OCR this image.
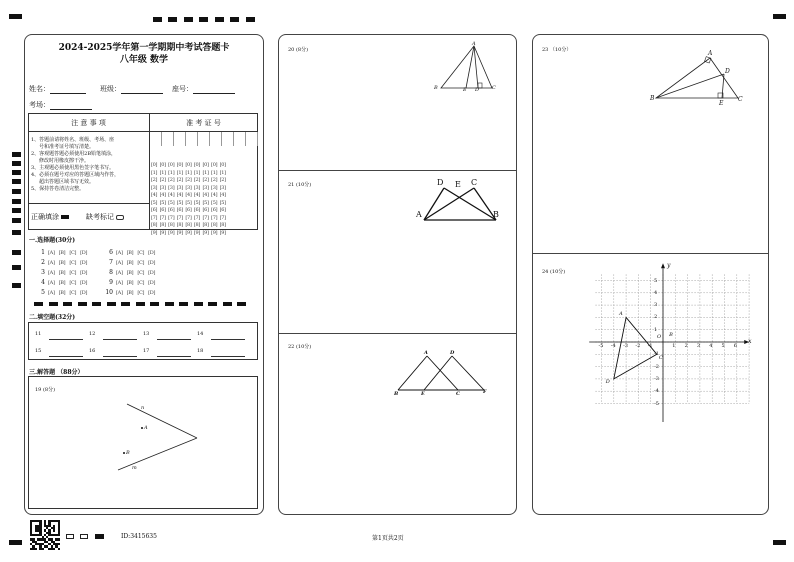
2024-2025学年第一学期期中考试答题卡
八年级 数学
姓名：	班级：	座号：
考场：
注 意 事 项	准 考 证 号
1、答题前请将姓名、班级、考场、座
号和准考证号填写清楚。
2、客观题答题必须使用2B铅笔填涂，
修改时用橡皮擦干净。
3、主观题必须使用黑色签字笔书写。
4、必须在题号对应的答题区域内作答，
超出答题区域书写无效。
5、保持答卷清洁完整。
正确填涂	缺考标记
[0] [0] [0] [0] [0] [0] [0] [0] [0]
[1] [1] [1] [1] [1] [1] [1] [1] [1]
[2] [2] [2] [2] [2] [2] [2] [2] [2]
[3] [3] [3] [3] [3] [3] [3] [3] [3]
[4] [4] [4] [4] [4] [4] [4] [4] [4]
[5] [5] [5] [5] [5] [5] [5] [5] [5]
[6] [6] [6] [6] [6] [6] [6] [6] [6]
[7] [7] [7] [7] [7] [7] [7] [7] [7]
[8] [8] [8] [8] [8] [8] [8] [8] [8]
[9] [9] [9] [9] [9] [9] [9] [9] [9]
一.选择题(30分)
1 [A] [B] [C] [D]
2 [A] [B] [C] [D]
3 [A] [B] [C] [D]
4 [A] [B] [C] [D]
5 [A] [B] [C] [D]
6 [A] [B] [C] [D]
7 [A] [B] [C] [D]
8 [A] [B] [C] [D]
9 [A] [B] [C] [D]
10 [A] [B] [C] [D]
二.填空题(32分)
11	12	13	14
15	16	17	18
三.解答题 （88分）
19 (8分)
n
A
B
m
ID:3415635	第1页共2页
20 (8分)
A
B	E D	C
21 (10分)	D E C
A	B
22 (10分)
A	D
B	E	C	F
23 （10分）	A
D
B
E
C
24 (10分)
-5 -4 -3 -2 -1	1 2 3 4 5 6
5
4
3
2
1
-1
-2
-3
-4
-5
x
y
O
A
B
C
D
